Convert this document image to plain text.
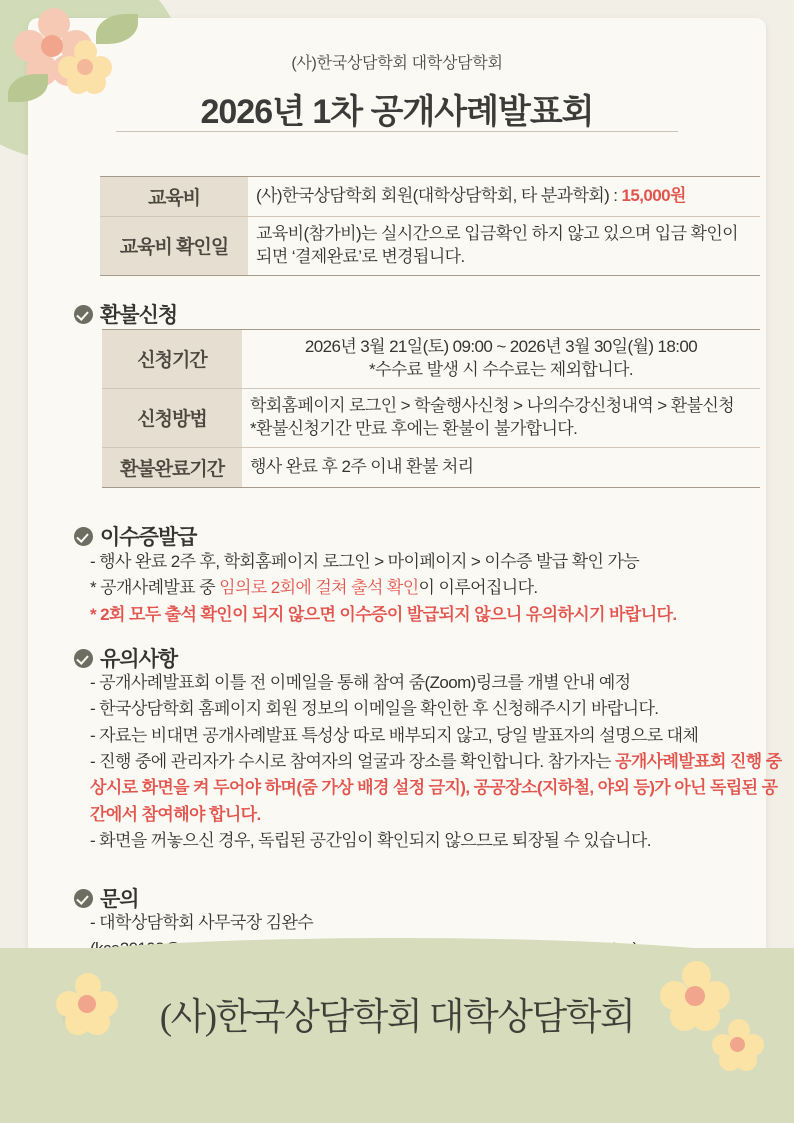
(사)한국상담학회 대학상담학회
2026년 1차 공개사례발표회
교육비	(사)한국상담학회 회원(대학상담학회, 타 분과학회) : 15,000원
교육비 확인일	교육비(참가비)는 실시간으로 입금확인 하지 않고 있으며 입금 확인이 되면 ‘결제완료’로 변경됩니다.
환불신청
신청기간	2026년 3월 21일(토) 09:00 ~ 2026년 3월 30일(월) 18:00
*수수료 발생 시 수수료는 제외합니다.

신청방법	학회홈페이지 로그인 > 학술행사신청 > 나의수강신청내역 > 환불신청
*환불신청기간 만료 후에는 환불이 불가합니다.

환불완료기간	행사 완료 후 2주 이내 환불 처리
이수증발급
- 행사 완료 2주 후, 학회홈페이지 로그인 > 마이페이지 > 이수증 발급 확인 가능
* 공개사례발표 중 임의로 2회에 걸쳐 출석 확인이 이루어집니다.
* 2회 모두 출석 확인이 되지 않으면 이수증이 발급되지 않으니 유의하시기 바랍니다.
유의사항
- 공개사례발표회 이틀 전 이메일을 통해 참여 줌(Zoom)링크를 개별 안내 예정
- 한국상담학회 홈페이지 회원 정보의 이메일을 확인한 후 신청해주시기 바랍니다.
- 자료는 비대면 공개사례발표 특성상 따로 배부되지 않고, 당일 발표자의 설명으로 대체
- 진행 중에 관리자가 수시로 참여자의 얼굴과 장소를 확인합니다. 참가자는 공개사례발표회 진행 중 상시로 화면을 켜 두어야 하며(줌 가상 배경 설정 금지), 공공장소(지하철, 야외 등)가 아닌 독립된 공간에서 참여해야 합니다.
- 화면을 꺼놓으신 경우, 독립된 공간임이 확인되지 않으므로 퇴장될 수 있습니다.
문의
- 대학상담학회 사무국장 김완수
(사)한국상담학회 대학상담학회
